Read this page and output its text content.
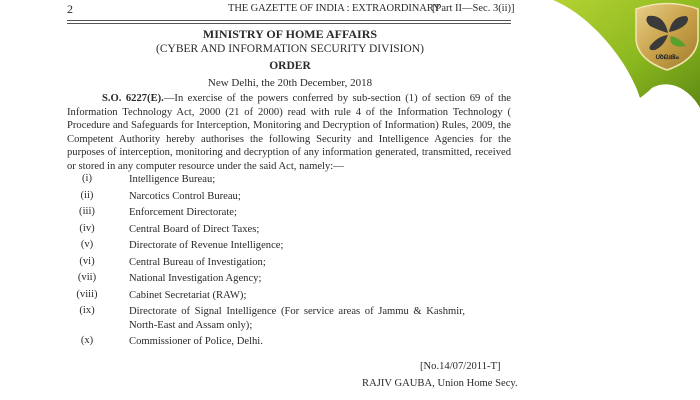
2	THE GAZETTE OF INDIA : EXTRAORDINARY
[Part II—Sec. 3(ii)]
MINISTRY OF HOME AFFAIRS
(CYBER AND INFORMATION SECURITY DIVISION)
ORDER
New Delhi, the 20th December, 2018
S.O. 6227(E).—In exercise of the powers conferred by sub-section (1) of section 69 of the Information Technology Act, 2000 (21 of 2000) read with rule 4 of the Information Technology ( Procedure and Safeguards for Interception, Monitoring and Decryption of Information) Rules, 2009, the Competent Authority hereby authorises the following Security and Intelligence Agencies for the purposes of interception, monitoring and decryption of any information generated, transmitted, received or stored in any computer resource under the said Act, namely:—
(i)	Intelligence Bureau;
(ii)	Narcotics Control Bureau;
(iii)	Enforcement Directorate;
(iv)	Central Board of Direct Taxes;
(v)	Directorate of Revenue Intelligence;
(vi)	Central Bureau of Investigation;
(vii)	National Investigation Agency;
(viii)	Cabinet Secretariat (RAW);
(ix)	Directorate of Signal Intelligence (For service areas of Jammu & Kashmir, North-East and Assam only);
(x)	Commissioner of Police, Delhi.
[No.14/07/2011-T]
RAJIV GAUBA, Union Home Secy.
ശലഭം
